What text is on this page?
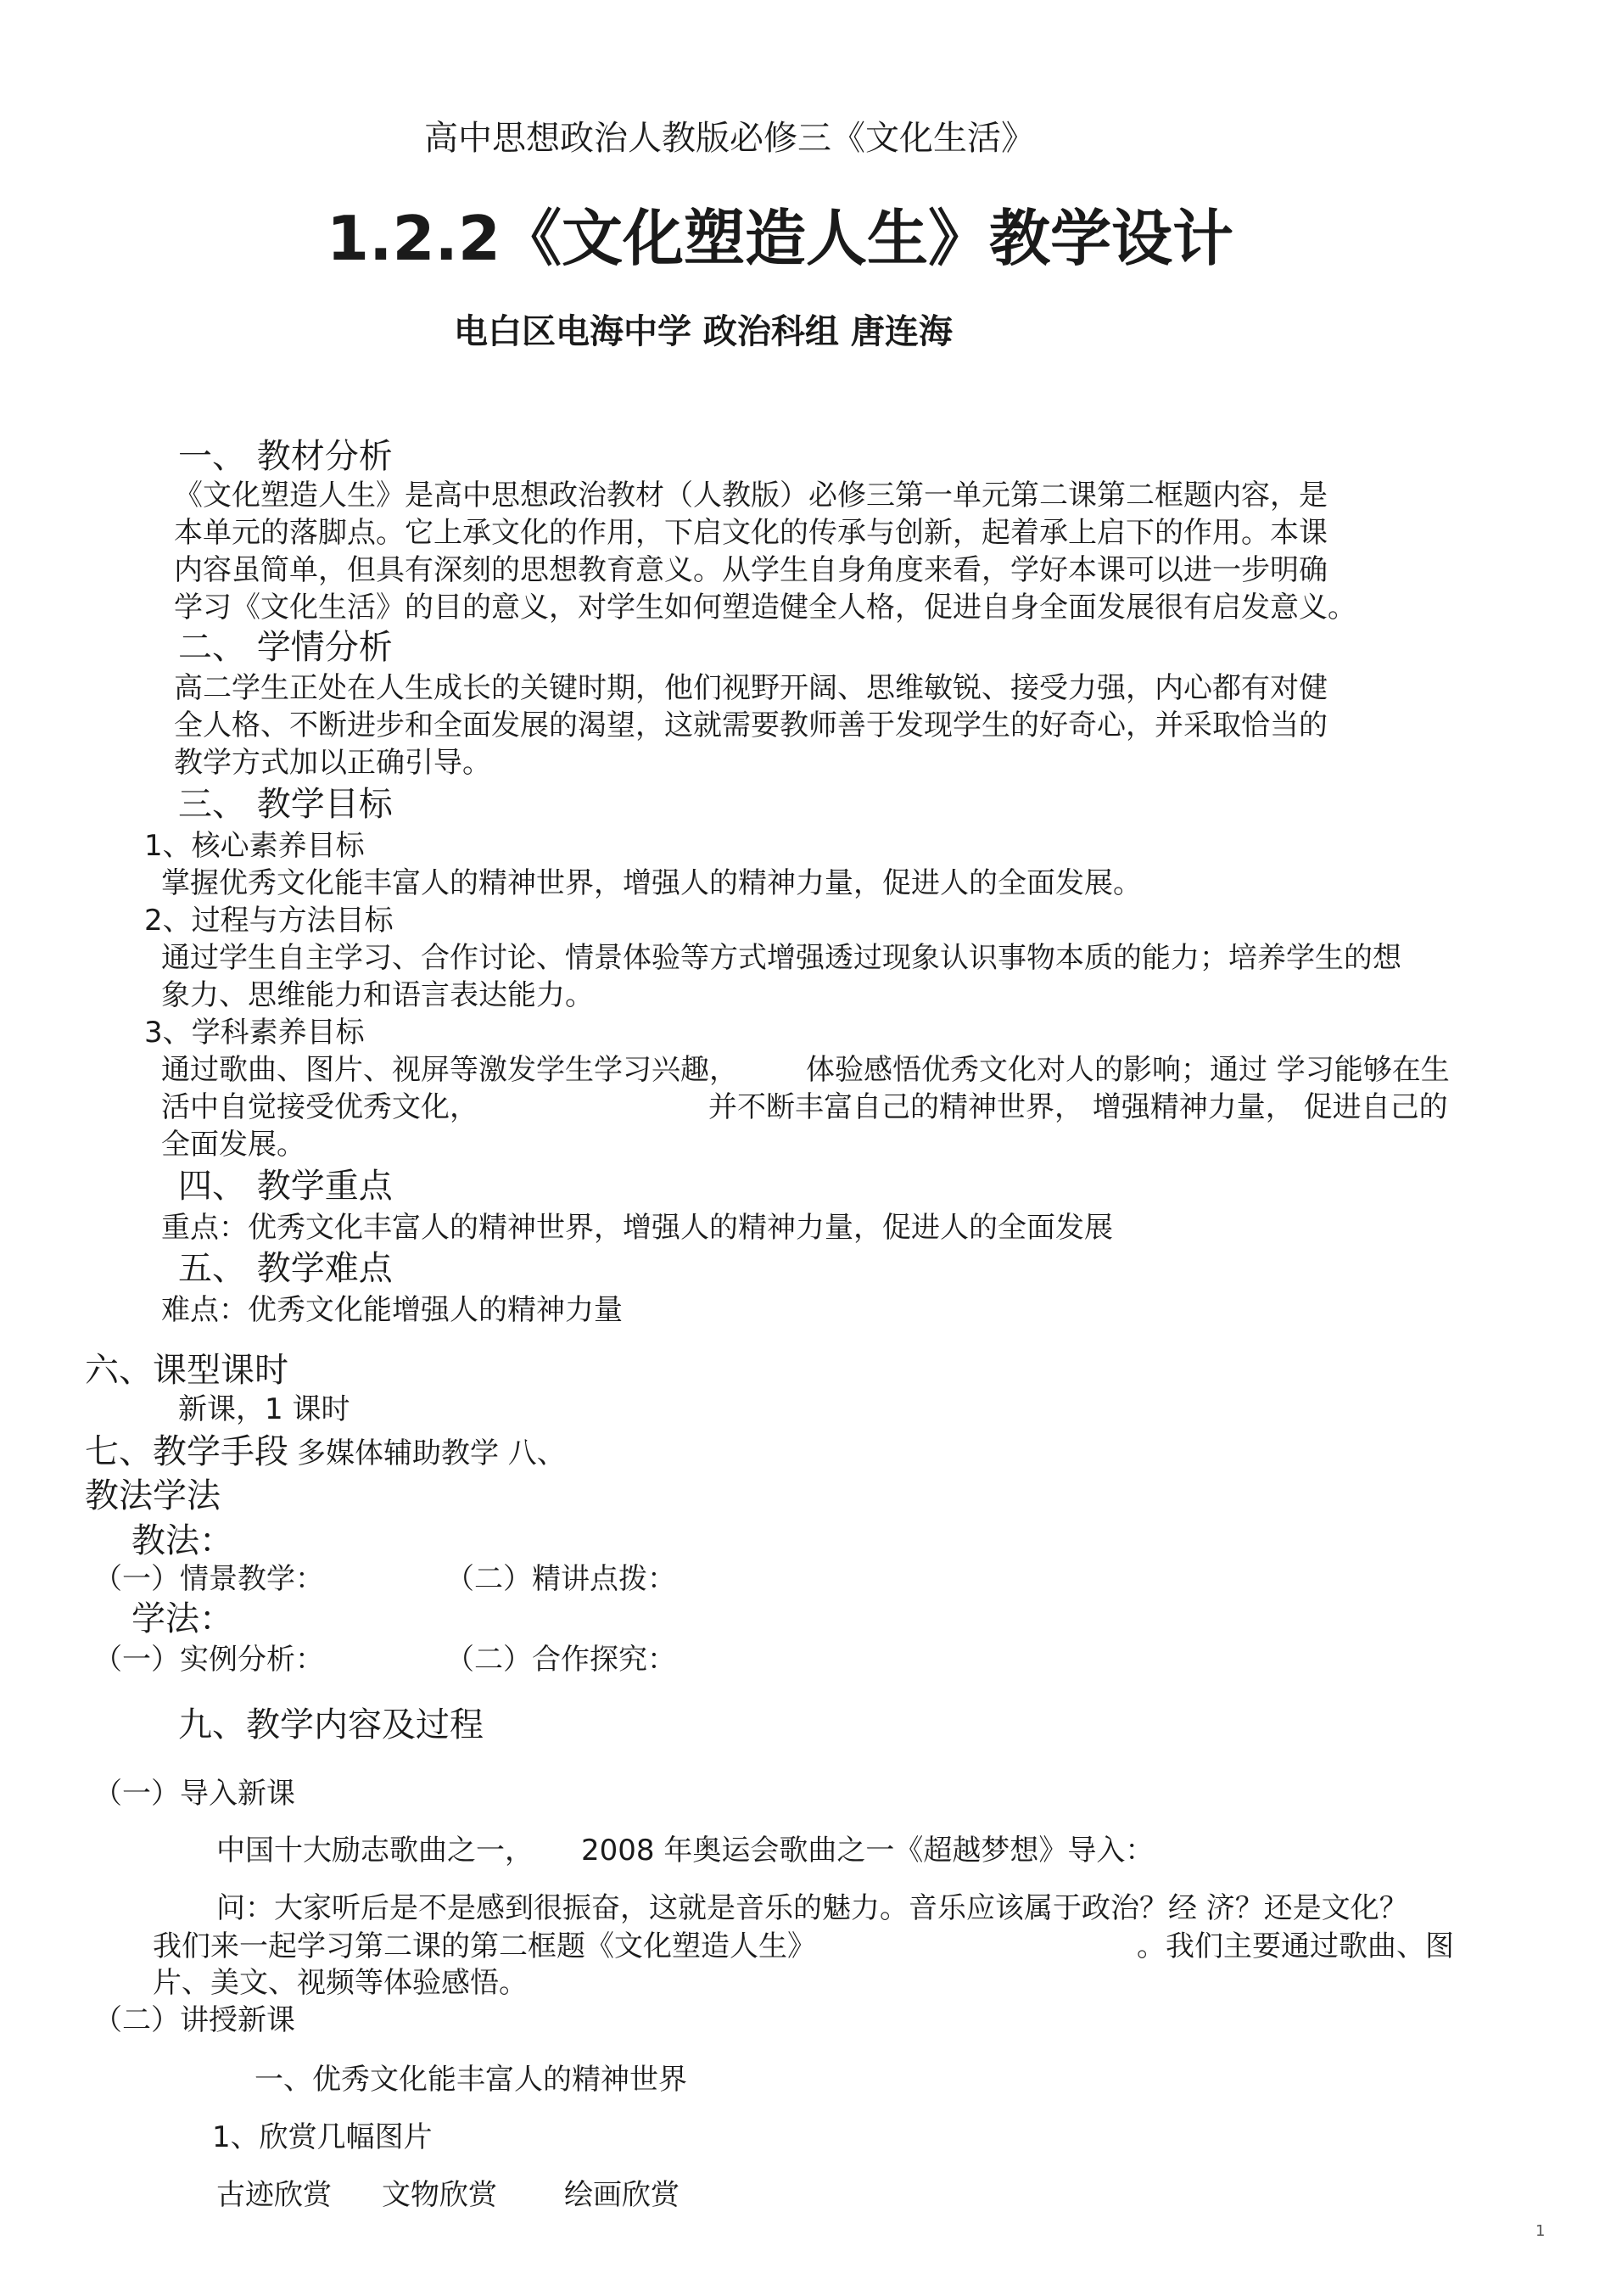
高中思想政治人教版必修三《文化生活》
1.2.2《文化塑造人生》教学设计
电白区电海中学 政治科组 唐连海
一、 教材分析
《文化塑造人生》是高中思想政治教材（人教版）必修三第一单元第二课第二框题内容，是
本单元的落脚点。它上承文化的作用，下启文化的传承与创新，起着承上启下的作用。本课
内容虽简单，但具有深刻的思想教育意义。从学生自身角度来看，学好本课可以进一步明确
学习《文化生活》的目的意义，对学生如何塑造健全人格，促进自身全面发展很有启发意义。
二、 学情分析
高二学生正处在人生成长的关键时期，他们视野开阔、思维敏锐、接受力强，内心都有对健
全人格、不断进步和全面发展的渴望，这就需要教师善于发现学生的好奇心，并采取恰当的
教学方式加以正确引导。
三、 教学目标
1、核心素养目标
掌握优秀文化能丰富人的精神世界，增强人的精神力量，促进人的全面发展。
2、过程与方法目标
通过学生自主学习、合作讨论、情景体验等方式增强透过现象认识事物本质的能力；培养学生的想
象力、思维能力和语言表达能力。
3、学科素养目标
通过歌曲、图片、视屏等激发学生学习兴趣， 体验感悟优秀文化对人的影响；通过 学习能够在生
活中自觉接受优秀文化，	并不断丰富自己的精神世界， 增强精神力量， 促进自己的
全面发展。
四、 教学重点
重点：优秀文化丰富人的精神世界，增强人的精神力量，促进人的全面发展
五、 教学难点
难点：优秀文化能增强人的精神力量
六、课型课时
新课，1 课时
七、教学手段 多媒体辅助教学 八、
教法学法
教法：
（一）情景教学：	（二）精讲点拨：
学法：
（一）实例分析：	（二）合作探究：
九、教学内容及过程
（一）导入新课
中国十大励志歌曲之一， 2008 年奥运会歌曲之一《超越梦想》导入：
问：大家听后是不是感到很振奋，这就是音乐的魅力。音乐应该属于政治？经 济？还是文化？
我们来一起学习第二课的第二框题《文化塑造人生》	。我们主要通过歌曲、图
片、美文、视频等体验感悟。
（二）讲授新课
一、优秀文化能丰富人的精神世界
1、欣赏几幅图片
古迹欣赏 文物欣赏 绘画欣赏
1
